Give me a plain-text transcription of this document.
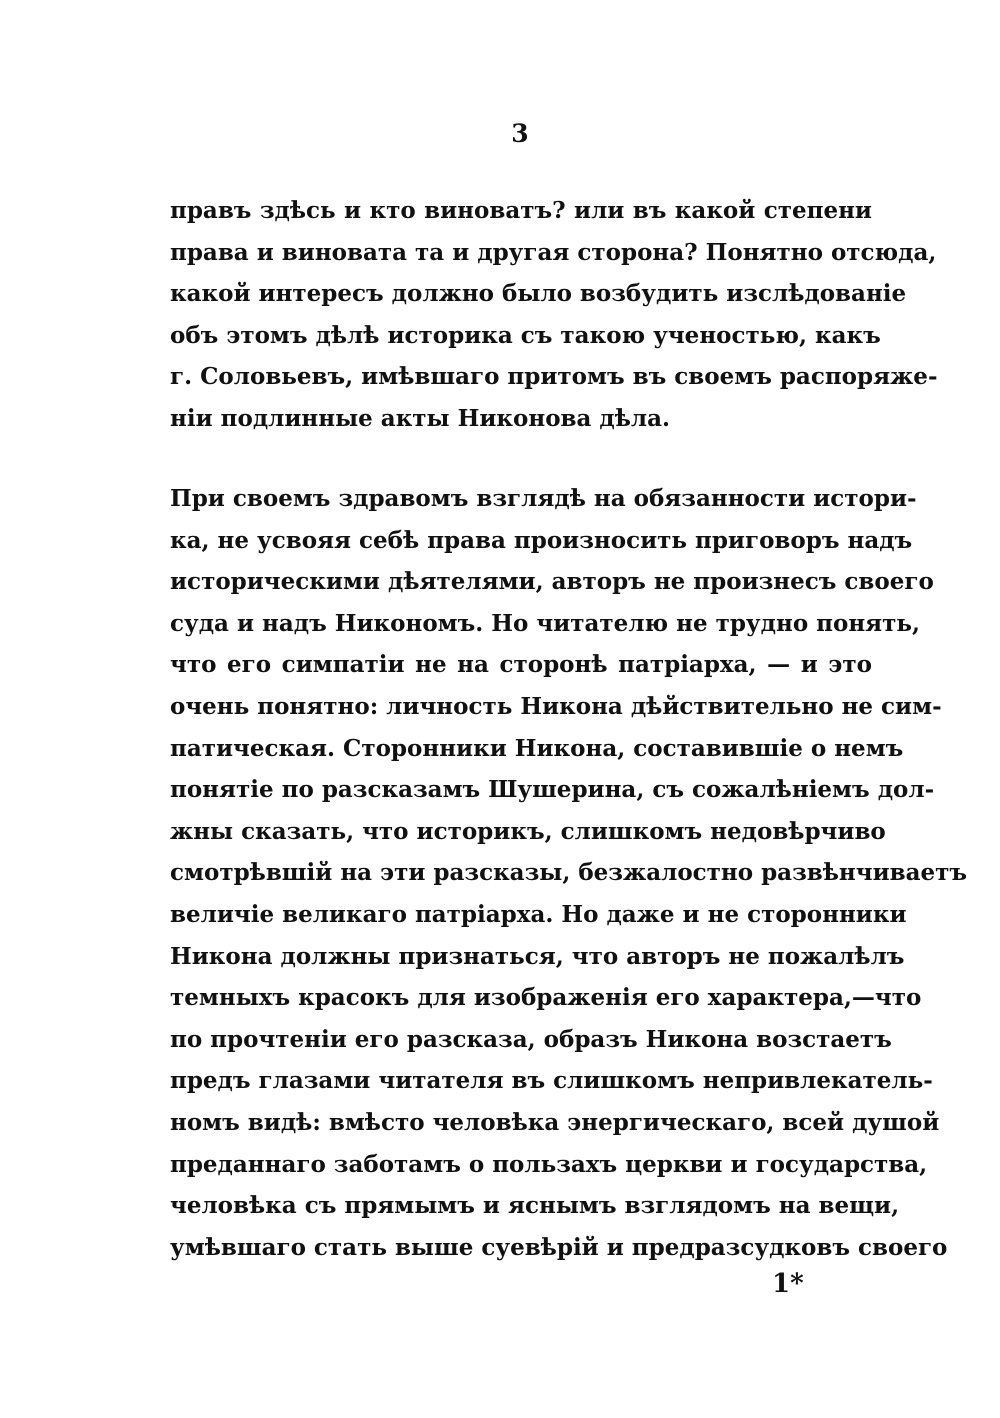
3
правъ здѣсь и кто виноватъ? или въ какой степени
права и виновата та и другая сторона? Понятно отсюда,
какой интересъ должно было возбудить изслѣдованіе
объ этомъ дѣлѣ историка съ такою ученостью, какъ
г. Соловьевъ, имѣвшаго притомъ въ своемъ распоряже-
ніи подлинные акты Никонова дѣла.
При своемъ здравомъ взглядѣ на обязанности истори-
ка, не усвояя себѣ права произносить приговоръ надъ
историческими дѣятелями, авторъ не произнесъ своего
суда и надъ Никономъ. Но читателю не трудно понять,
что его симпатіи не на сторонѣ патріарха, — и это
очень понятно: личность Никона дѣйствительно не сим-
патическая. Сторонники Никона, составившіе о немъ
понятіе по разсказамъ Шушерина, съ сожалѣніемъ дол-
жны сказать, что историкъ, слишкомъ недовѣрчиво
смотрѣвшій на эти разсказы, безжалостно развѣнчиваетъ
величіе великаго патріарха. Но даже и не сторонники
Никона должны признаться, что авторъ не пожалѣлъ
темныхъ красокъ для изображенія его характера,—что
по прочтеніи его разсказа, образъ Никона возстаетъ
предъ глазами читателя въ слишкомъ непривлекатель-
номъ видѣ: вмѣсто человѣка энергическаго, всей душой
преданнаго заботамъ о пользахъ церкви и государства,
человѣка съ прямымъ и яснымъ взглядомъ на вещи,
умѣвшаго стать выше суевѣрій и предразсудковъ своего
1*
